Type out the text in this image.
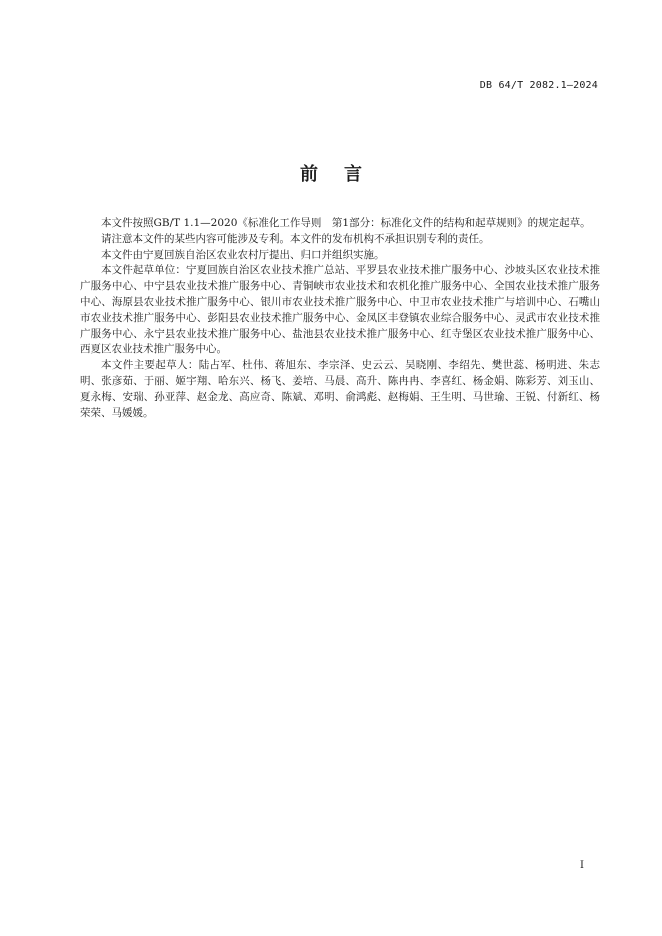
DB 64/T 2082.1—2024
前言

本文件按照GB/T 1.1—2020《标准化工作导则　第1部分：标准化文件的结构和起草规则》的规定起草。

请注意本文件的某些内容可能涉及专利。本文件的发布机构不承担识别专利的责任。

本文件由宁夏回族自治区农业农村厅提出、归口并组织实施。

本文件起草单位：宁夏回族自治区农业技术推广总站、平罗县农业技术推广服务中心、沙坡头区农业技术推广服务中心、中宁县农业技术推广服务中心、青铜峡市农业技术和农机化推广服务中心、全国农业技术推广服务中心、海原县农业技术推广服务中心、银川市农业技术推广服务中心、中卫市农业技术推广与培训中心、石嘴山市农业技术推广服务中心、彭阳县农业技术推广服务中心、金凤区丰登镇农业综合服务中心、灵武市农业技术推广服务中心、永宁县农业技术推广服务中心、盐池县农业技术推广服务中心、红寺堡区农业技术推广服务中心、西夏区农业技术推广服务中心。

本文件主要起草人：陆占军、杜伟、蒋旭东、李宗泽、史云云、吴晓刚、李绍先、樊世蕊、杨明进、朱志明、张彦茹、于丽、姬宇翔、哈东兴、杨飞、姜培、马晨、高升、陈冉冉、李喜红、杨金娟、陈彩芳、刘玉山、夏永梅、安瑞、孙亚萍、赵金龙、高应奇、陈斌、邓明、俞鸿彪、赵梅娟、王生明、马世瑜、王锐、付新红、杨荣荣、马媛媛。

I
